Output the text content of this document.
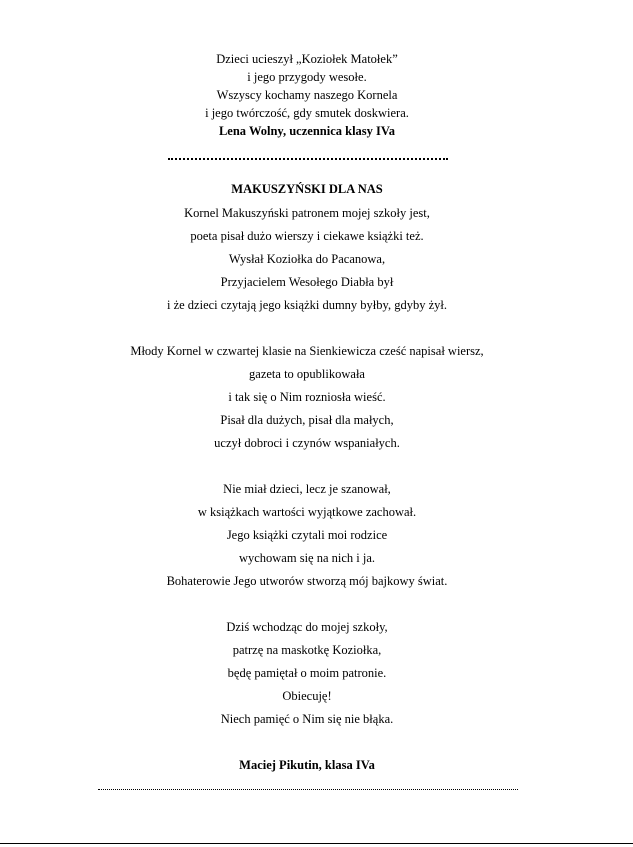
Dzieci ucieszył „Koziołek Matołek”
i jego przygody wesołe.
Wszyscy kochamy naszego Kornela
i jego twórczość, gdy smutek doskwiera.
Lena Wolny, uczennica klasy IVa
MAKUSZYŃSKI DLA NAS
Kornel Makuszyński patronem mojej szkoły jest,
poeta pisał dużo wierszy i ciekawe książki też.
Wysłał Koziołka do Pacanowa,
Przyjacielem Wesołego Diabła był
i że dzieci czytają jego książki dumny byłby, gdyby żył.
Młody Kornel w czwartej klasie na Sienkiewicza cześć napisał wiersz,
gazeta to opublikowała
i tak się o Nim rozniosła wieść.
Pisał dla dużych, pisał dla małych,
uczył dobroci i czynów wspaniałych.
Nie miał dzieci, lecz je szanował,
w książkach wartości wyjątkowe zachował.
Jego książki czytali moi rodzice
wychowam się na nich i ja.
Bohaterowie Jego utworów stworzą mój bajkowy świat.
Dziś wchodząc do mojej szkoły,
patrzę na maskotkę Koziołka,
będę pamiętał o moim patronie.
Obiecuję!
Niech pamięć o Nim się nie błąka.
Maciej Pikutin, klasa IVa
